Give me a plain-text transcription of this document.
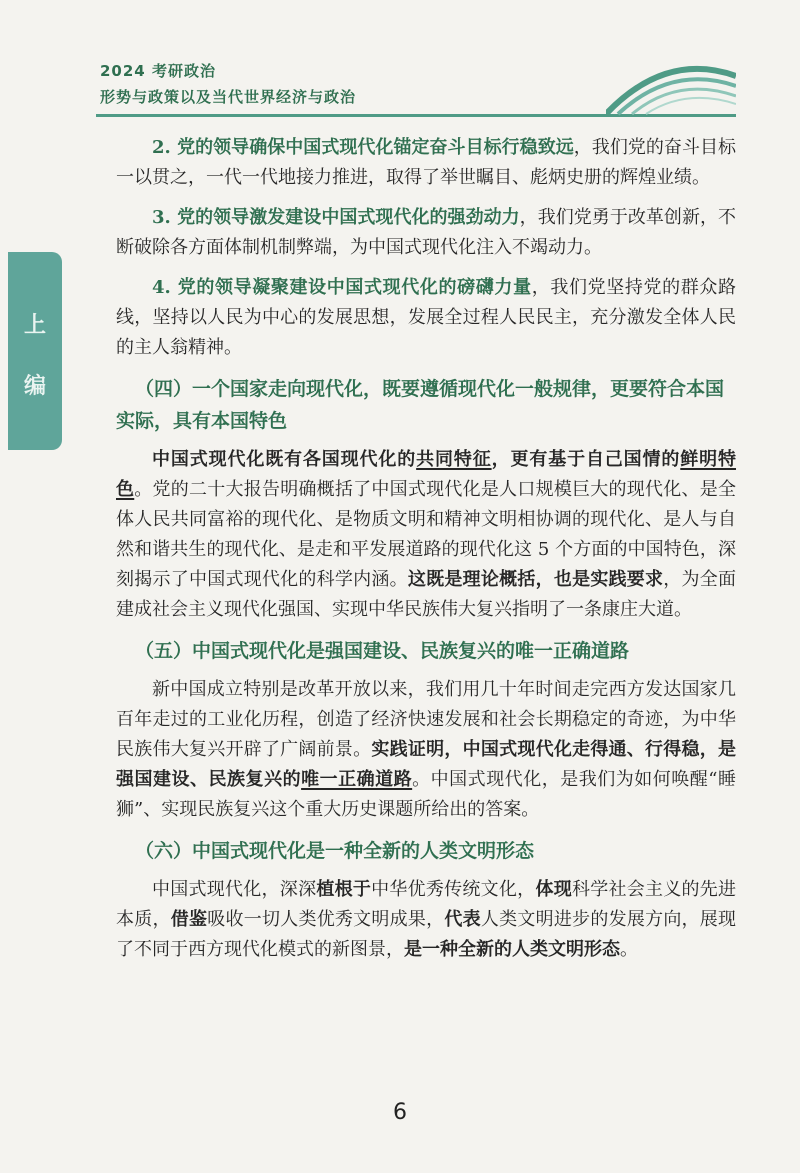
2024 考研政治
形势与政策以及当代世界经济与政治
上
编

2. 党的领导确保中国式现代化锚定奋斗目标行稳致远，我们党的奋斗目标一以贯之，一代一代地接力推进，取得了举世瞩目、彪炳史册的辉煌业绩。

3. 党的领导激发建设中国式现代化的强劲动力，我们党勇于改革创新，不断破除各方面体制机制弊端，为中国式现代化注入不竭动力。

4. 党的领导凝聚建设中国式现代化的磅礴力量，我们党坚持党的群众路线，坚持以人民为中心的发展思想，发展全过程人民民主，充分激发全体人民的主人翁精神。

（四）一个国家走向现代化，既要遵循现代化一般规律，更要符合本国实际，具有本国特色

中国式现代化既有各国现代化的共同特征，更有基于自己国情的鲜明特色。党的二十大报告明确概括了中国式现代化是人口规模巨大的现代化、是全体人民共同富裕的现代化、是物质文明和精神文明相协调的现代化、是人与自然和谐共生的现代化、是走和平发展道路的现代化这 5 个方面的中国特色，深刻揭示了中国式现代化的科学内涵。这既是理论概括，也是实践要求，为全面建成社会主义现代化强国、实现中华民族伟大复兴指明了一条康庄大道。

（五）中国式现代化是强国建设、民族复兴的唯一正确道路

新中国成立特别是改革开放以来，我们用几十年时间走完西方发达国家几百年走过的工业化历程，创造了经济快速发展和社会长期稳定的奇迹，为中华民族伟大复兴开辟了广阔前景。实践证明，中国式现代化走得通、行得稳，是强国建设、民族复兴的唯一正确道路。中国式现代化，是我们为如何唤醒“睡狮”、实现民族复兴这个重大历史课题所给出的答案。

（六）中国式现代化是一种全新的人类文明形态

中国式现代化，深深植根于中华优秀传统文化，体现科学社会主义的先进本质，借鉴吸收一切人类优秀文明成果，代表人类文明进步的发展方向，展现了不同于西方现代化模式的新图景，是一种全新的人类文明形态。

6
